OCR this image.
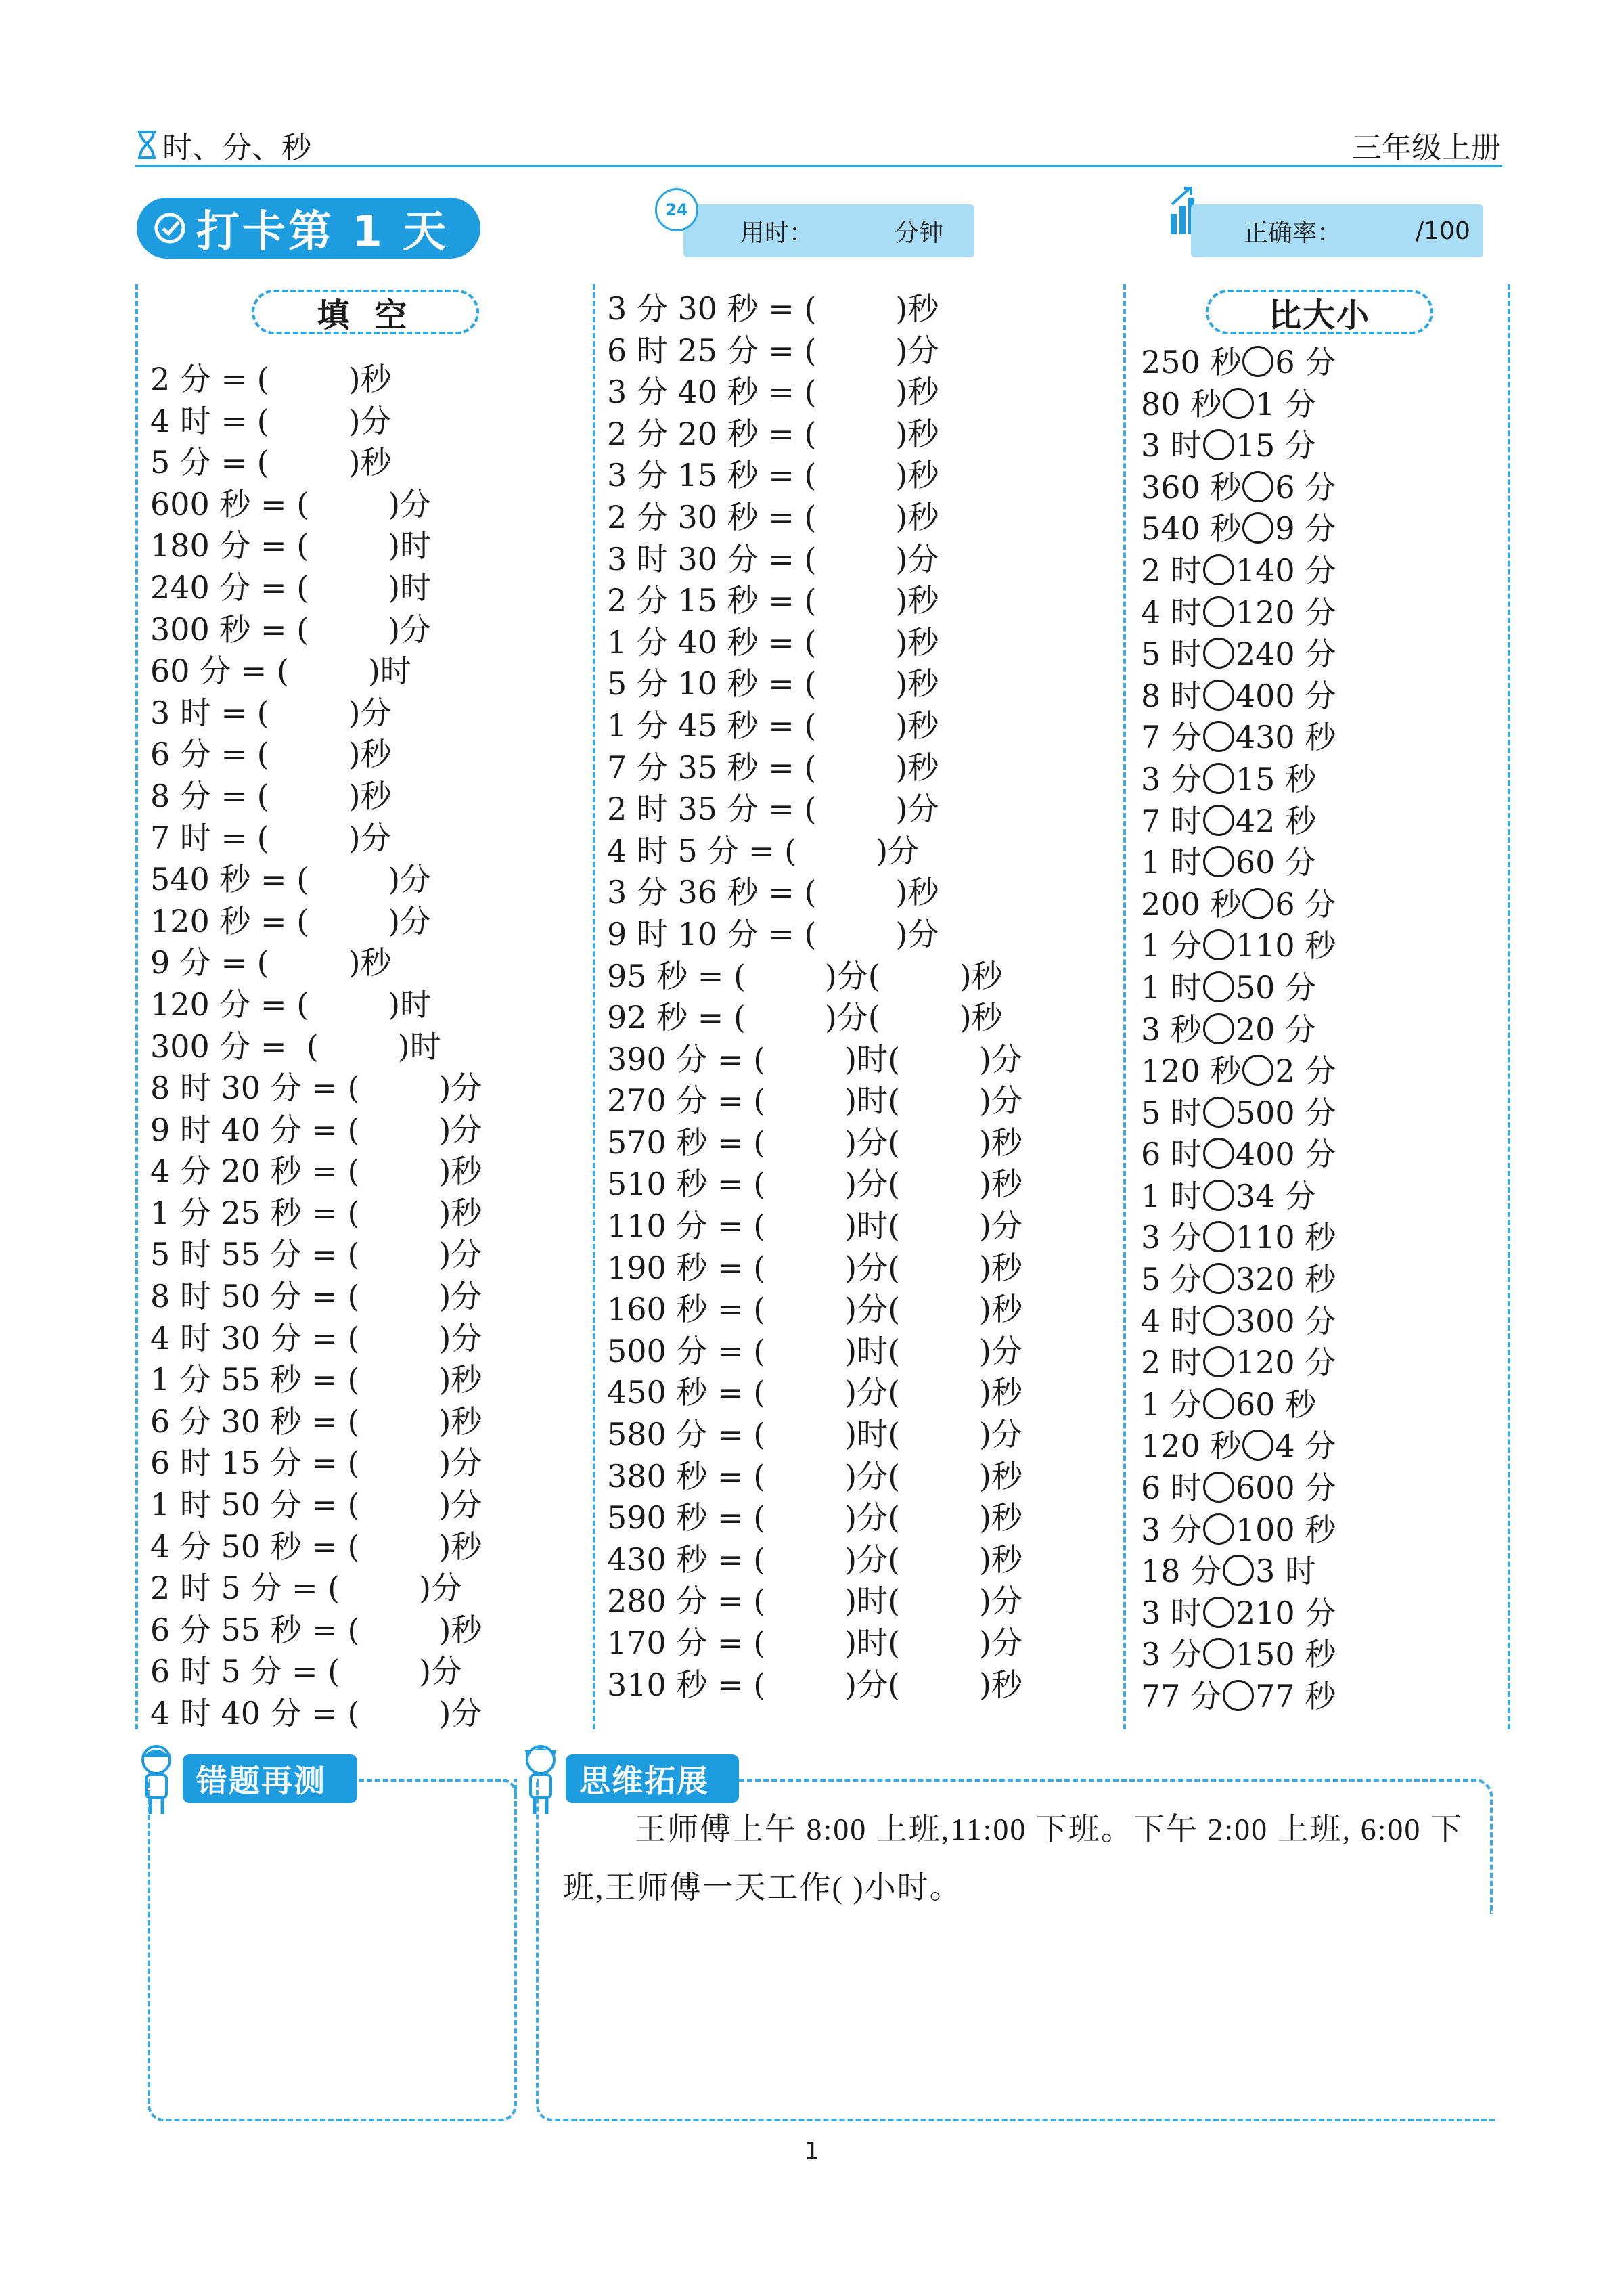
时、分、秒	三年级上册
打卡第 1 天	用时：	分钟
24
正确率：	/100
填 空	比大小
2 分 = (        )秒
4 时 = (        )分
5 分 = (        )秒
600 秒 = (        )分
180 分 = (        )时
240 分 = (        )时
300 秒 = (        )分
60 分 = (        )时
3 时 = (        )分
6 分 = (        )秒
8 分 = (        )秒
7 时 = (        )分
540 秒 = (        )分
120 秒 = (        )分
9 分 = (        )秒
120 分 = (        )时
300 分 =  (        )时
8 时 30 分 = (        )分
9 时 40 分 = (        )分
4 分 20 秒 = (        )秒
1 分 25 秒 = (        )秒
5 时 55 分 = (        )分
8 时 50 分 = (        )分
4 时 30 分 = (        )分
1 分 55 秒 = (        )秒
6 分 30 秒 = (        )秒
6 时 15 分 = (        )分
1 时 50 分 = (        )分
4 分 50 秒 = (        )秒
2 时 5 分 = (        )分
6 分 55 秒 = (        )秒
6 时 5 分 = (        )分
4 时 40 分 = (        )分
3 分 30 秒 = (        )秒
6 时 25 分 = (        )分
3 分 40 秒 = (        )秒
2 分 20 秒 = (        )秒
3 分 15 秒 = (        )秒
2 分 30 秒 = (        )秒
3 时 30 分 = (        )分
2 分 15 秒 = (        )秒
1 分 40 秒 = (        )秒
5 分 10 秒 = (        )秒
1 分 45 秒 = (        )秒
7 分 35 秒 = (        )秒
2 时 35 分 = (        )分
4 时 5 分 = (        )分
3 分 36 秒 = (        )秒
9 时 10 分 = (        )分
95 秒 = (        )分(        )秒
92 秒 = (        )分(        )秒
390 分 = (        )时(        )分
270 分 = (        )时(        )分
570 秒 = (        )分(        )秒
510 秒 = (        )分(        )秒
110 分 = (        )时(        )分
190 秒 = (        )分(        )秒
160 秒 = (        )分(        )秒
500 分 = (        )时(        )分
450 秒 = (        )分(        )秒
580 分 = (        )时(        )分
380 秒 = (        )分(        )秒
590 秒 = (        )分(        )秒
430 秒 = (        )分(        )秒
280 分 = (        )时(        )分
170 分 = (        )时(        )分
310 秒 = (        )分(        )秒
250 秒 6 分
80 秒 1 分
3 时 15 分
360 秒 6 分
540 秒 9 分
2 时 140 分
4 时 120 分
5 时 240 分
8 时 400 分
7 分 430 秒
3 分 15 秒
7 时 42 秒
1 时 60 分
200 秒 6 分
1 分 110 秒
1 时 50 分
3 秒 20 分
120 秒 2 分
5 时 500 分
6 时 400 分
1 时 34 分
3 分 110 秒
5 分 320 秒
4 时 300 分
2 时 120 分
1 分 60 秒
120 秒 4 分
6 时 600 分
3 分 100 秒
18 分 3 时
3 时 210 分
3 分 150 秒
77 分 77 秒
错题再测	思维拓展
王师傅上午 8:00 上班,11:00 下班。下午 2:00 上班, 6:00 下班,王师傅一天工作( )小时。
1
